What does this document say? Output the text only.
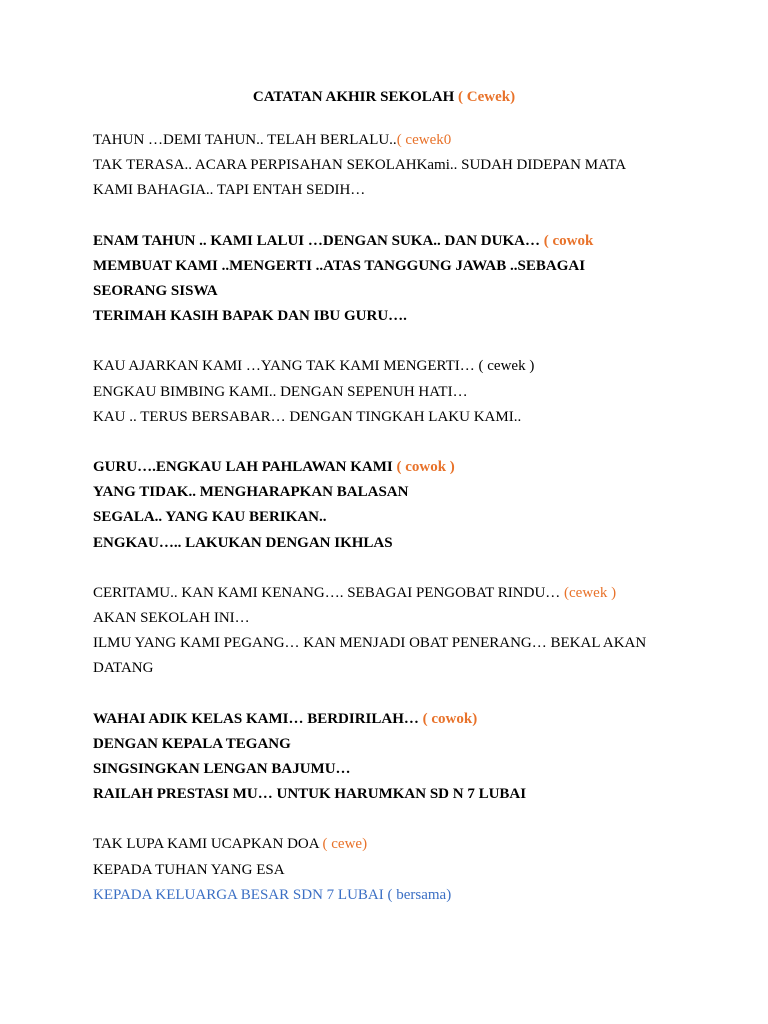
CATATAN AKHIR SEKOLAH ( Cewek)

TAHUN …DEMI TAHUN.. TELAH BERLALU..( cewek0

TAK TERASA.. ACARA PERPISAHAN SEKOLAHKami.. SUDAH DIDEPAN MATA

KAMI BAHAGIA.. TAPI ENTAH SEDIH…

ENAM TAHUN .. KAMI LALUI …DENGAN SUKA.. DAN DUKA… ( cowok

MEMBUAT KAMI ..MENGERTI ..ATAS TANGGUNG JAWAB ..SEBAGAI

SEORANG SISWA

TERIMAH KASIH BAPAK DAN IBU GURU….

KAU AJARKAN KAMI …YANG TAK KAMI MENGERTI… ( cewek )

ENGKAU BIMBING KAMI.. DENGAN SEPENUH HATI…

KAU .. TERUS BERSABAR… DENGAN TINGKAH LAKU KAMI..

GURU….ENGKAU LAH PAHLAWAN KAMI ( cowok )

YANG TIDAK.. MENGHARAPKAN BALASAN

SEGALA.. YANG KAU BERIKAN..

ENGKAU….. LAKUKAN DENGAN IKHLAS

CERITAMU.. KAN KAMI KENANG…. SEBAGAI PENGOBAT RINDU… (cewek )

AKAN SEKOLAH INI…

ILMU YANG KAMI PEGANG… KAN MENJADI OBAT PENERANG… BEKAL AKAN

DATANG

WAHAI ADIK KELAS KAMI… BERDIRILAH… ( cowok)

DENGAN KEPALA TEGANG

SINGSINGKAN LENGAN BAJUMU…

RAILAH PRESTASI MU… UNTUK HARUMKAN SD N 7 LUBAI

TAK LUPA KAMI UCAPKAN DOA ( cewe)

KEPADA TUHAN YANG ESA

KEPADA KELUARGA BESAR SDN 7 LUBAI ( bersama)
